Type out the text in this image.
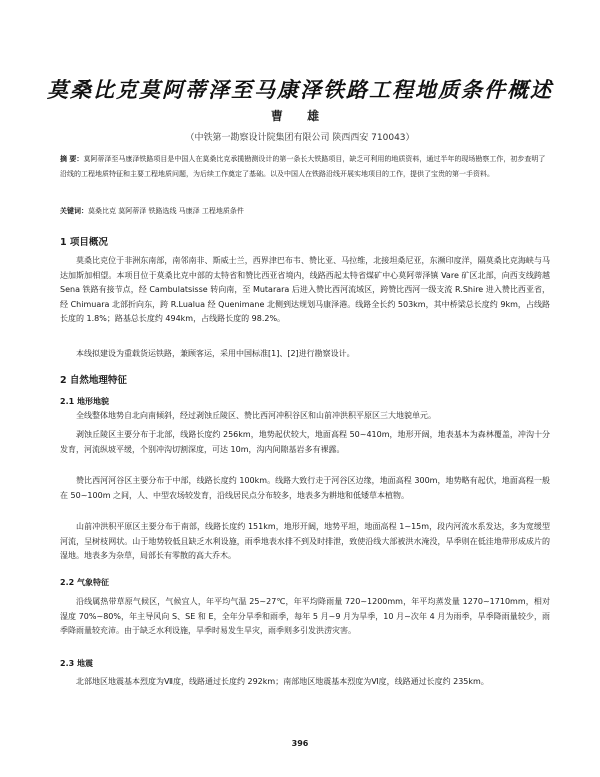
莫桑比克莫阿蒂泽至马康泽铁路工程地质条件概述
曹 雄
（中铁第一勘察设计院集团有限公司 陕西西安 710043）
摘 要：莫阿蒂泽至马康泽铁路项目是中国人在莫桑比克承揽勘测设计的第一条长大铁路项目，缺乏可利用的地质资料，通过半年的现场勘察工作，初步查明了沿线的工程地质特征和主要工程地质问题，为后续工作奠定了基础。以及中国人在铁路沿线开展实地项目的工作，提供了宝贵的第一手资料。
关键词：莫桑比克 莫阿蒂泽 铁路选线 马康泽 工程地质条件
1 项目概况
莫桑比克位于非洲东南部，南邻南非、斯威士兰，西界津巴布韦、赞比亚、马拉维，北接坦桑尼亚，东濒印度洋，隔莫桑比克海峡与马达加斯加相望。本项目位于莫桑比克中部的太特省和赞比西亚省境内，线路西起太特省煤矿中心莫阿蒂泽镇 Vare 矿区北部，向西支线跨越 Sena 铁路有接节点，经 Cambulatsisse 转向南，至 Mutarara 后进入赞比西河流域区，跨赞比西河一级支流 R.Shire 进入赞比西亚省，经 Chimuara 北部折向东，跨 R.Lualua 经 Quenimane 北侧到达规划马康泽港。线路全长约 503km，其中桥梁总长度约 9km，占线路长度的 1.8%；路基总长度约 494km，占线路长度的 98.2%。
本线拟建设为重载货运铁路，兼顾客运，采用中国标准[1]、[2]进行勘察设计。
2 自然地理特征
2.1 地形地貌
全线整体地势自北向南倾斜，经过剥蚀丘陵区、赞比西河冲积谷区和山前冲洪积平原区三大地貌单元。
剥蚀丘陵区主要分布于北部，线路长度约 256km，地势起伏较大，地面高程 50~410m，地形开阔，地表基本为森林覆盖，冲沟十分发育，河流纵坡平缓，个别冲沟切割深度，可达 10m，沟内间隙基岩多有裸露。
赞比西河河谷区主要分布于中部，线路长度约 100km。线路大致行走于河谷区边缘，地面高程 300m，地势略有起伏，地面高程一般在 50~100m 之间，人、中型农场较发育，沿线居民点分布较多，地表多为耕地和低矮草本植物。
山前冲洪积平原区主要分布于南部，线路长度约 151km，地形开阔，地势平坦，地面高程 1~15m，段内河流水系发达，多为宽缓型河流，呈树枝网状。山于地势较低且缺乏水利设施，雨季地表水排不到及时排泄，致使沿线大部被洪水淹没，旱季则在低洼地带形成成片的湿地。地表多为杂草，局部长有零散的高大乔木。
2.2 气象特征
沿线属热带草原气候区，气候宜人，年平均气温 25~27℃，年平均降雨量 720~1200mm，年平均蒸发量 1270~1710mm，相对湿度 70%~80%，年主导风向 S、SE 和 E，全年分旱季和雨季，每年 5 月~9 月为旱季，10 月~次年 4 月为雨季，旱季降雨量较少，雨季降雨量较充沛。由于缺乏水利设施，旱季时易发生旱灾，雨季则多引发洪涝灾害。
2.3 地震
北部地区地震基本烈度为Ⅶ度，线路通过长度约 292km；南部地区地震基本烈度为Ⅵ度，线路通过长度约 235km。
396
